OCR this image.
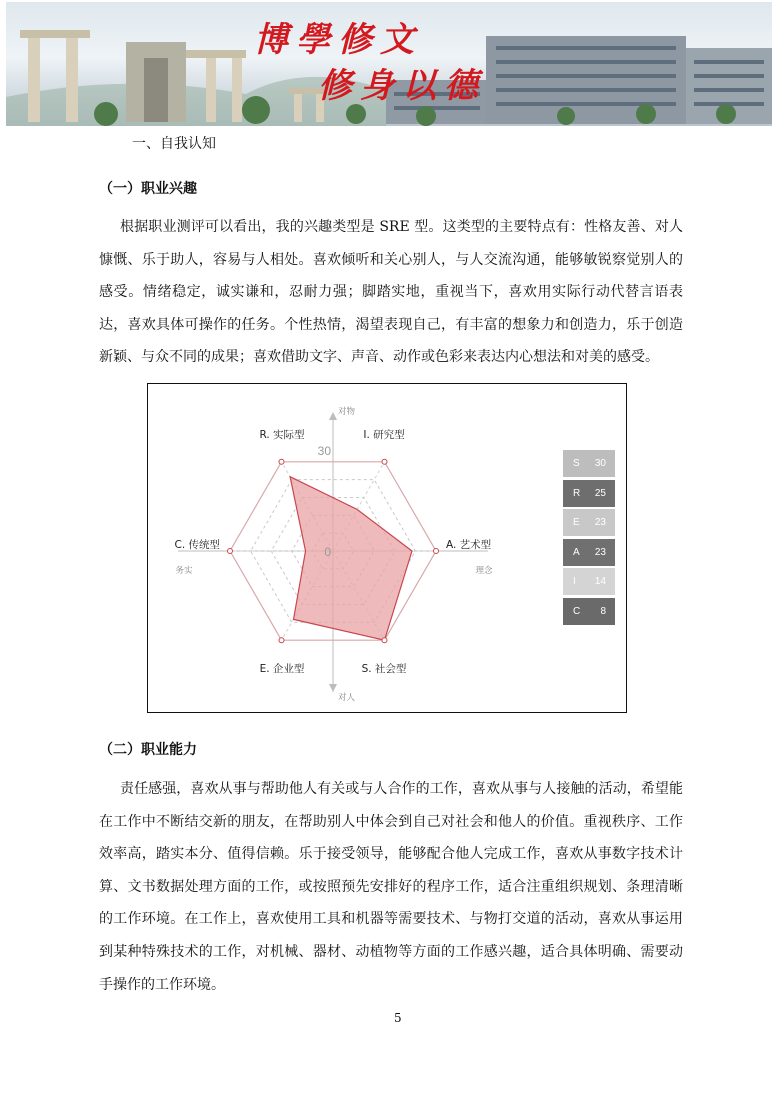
博學修文
修身以德
一、自我认知
（一）职业兴趣
根据职业测评可以看出，我的兴趣类型是 SRE 型。这类型的主要特点有：性格友善、对人慷慨、乐于助人，容易与人相处。喜欢倾听和关心别人，与人交流沟通，能够敏锐察觉别人的感受。情绪稳定，诚实谦和，忍耐力强；脚踏实地，重视当下，喜欢用实际行动代替言语表达，喜欢具体可操作的任务。个性热情，渴望表现自己，有丰富的想象力和创造力，乐于创造新颖、与众不同的成果；喜欢借助文字、声音、动作或色彩来表达内心想法和对美的感受。
30
0
R. 实际型	I. 研究型
A. 艺术型
S. 社会型
E. 企业型
C. 传统型
对物
对人
务实	理念
S 30
R 25
E 23
A 23
I 14
C 8
（二）职业能力
责任感强，喜欢从事与帮助他人有关或与人合作的工作，喜欢从事与人接触的活动，希望能在工作中不断结交新的朋友，在帮助别人中体会到自己对社会和他人的价值。重视秩序、工作效率高，踏实本分、值得信赖。乐于接受领导，能够配合他人完成工作，喜欢从事数字技术计算、文书数据处理方面的工作，或按照预先安排好的程序工作，适合注重组织规划、条理清晰的工作环境。在工作上，喜欢使用工具和机器等需要技术、与物打交道的活动，喜欢从事运用到某种特殊技术的工作，对机械、器材、动植物等方面的工作感兴趣，适合具体明确、需要动手操作的工作环境。
5
